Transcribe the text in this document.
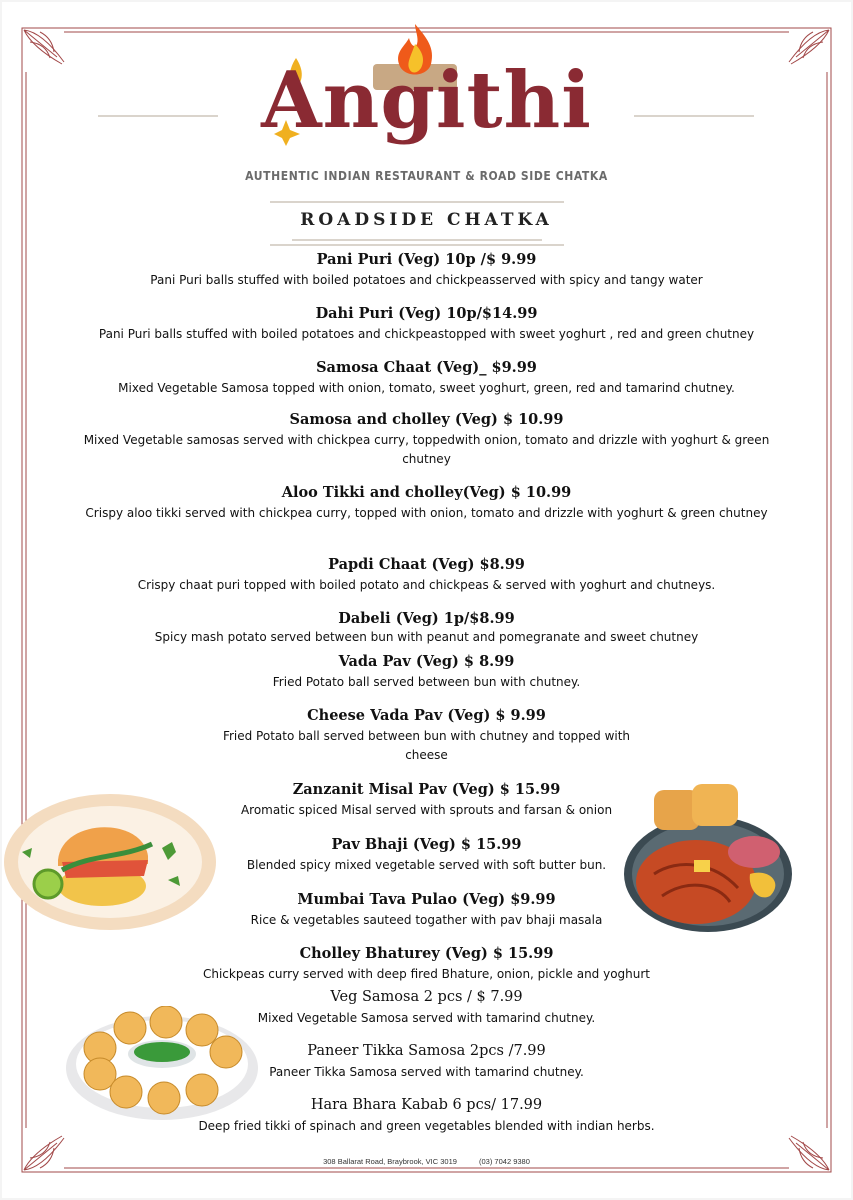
Angithi
AUTHENTIC INDIAN RESTAURANT & ROAD SIDE CHATKA
ROADSIDE CHATKA
Pani Puri (Veg) 10p /$ 9.99
Pani Puri balls stuffed with boiled potatoes and chickpeasserved with spicy and tangy water
Dahi Puri (Veg) 10p/$14.99
Pani Puri balls stuffed with boiled potatoes and chickpeastopped with sweet yoghurt , red and green chutney
Samosa Chaat (Veg)_ $9.99
Mixed Vegetable Samosa topped with onion, tomato, sweet yoghurt, green, red and tamarind chutney.
Samosa and cholley (Veg) $ 10.99
Mixed Vegetable samosas served with chickpea curry, toppedwith onion, tomato and drizzle with yoghurt & green chutney
Aloo Tikki and cholley(Veg) $ 10.99
Crispy aloo tikki served with chickpea curry, topped with onion, tomato and drizzle with yoghurt & green chutney
Papdi Chaat (Veg) $8.99
Crispy chaat puri topped with boiled potato and chickpeas & served with yoghurt and chutneys.
Dabeli (Veg) 1p/$8.99
Spicy mash potato served between bun with peanut and pomegranate and sweet chutney
Vada Pav (Veg) $ 8.99
Fried Potato ball served between bun with chutney.
Cheese Vada Pav (Veg) $ 9.99
Fried Potato ball served between bun with chutney and topped with cheese
Zanzanit Misal Pav (Veg) $ 15.99
Aromatic spiced Misal served with sprouts and farsan & onion
Pav Bhaji (Veg) $ 15.99
Blended spicy mixed vegetable served with soft butter bun.
Mumbai Tava Pulao (Veg) $9.99
Rice & vegetables sauteed togather with pav bhaji masala
Cholley Bhaturey (Veg) $ 15.99
Chickpeas curry served with deep fired Bhature, onion, pickle and yoghurt
Veg Samosa 2 pcs / $ 7.99
Mixed Vegetable Samosa served with tamarind chutney.
Paneer Tikka Samosa 2pcs /7.99
Paneer Tikka Samosa served with tamarind chutney.
Hara Bhara Kabab 6 pcs/ 17.99
Deep fried tikki of spinach and green vegetables blended with indian herbs.
308 Ballarat Road, Braybrook, VIC 3019	(03) 7042 9380
